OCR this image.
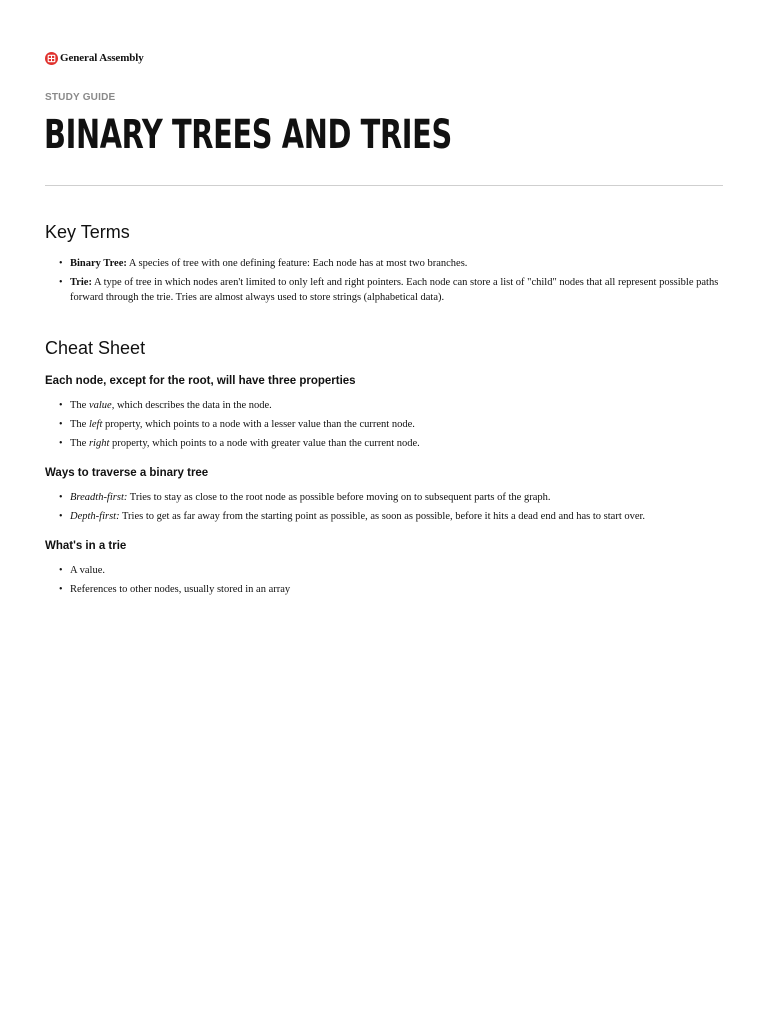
General Assembly
STUDY GUIDE
BINARY TREES AND TRIES
Key Terms
• Binary Tree: A species of tree with one defining feature: Each node has at most two branches.
• Trie: A type of tree in which nodes aren't limited to only left and right pointers. Each node can store a list of "child" nodes that all represent possible paths forward through the trie. Tries are almost always used to store strings (alphabetical data).
Cheat Sheet
Each node, except for the root, will have three properties
• The value, which describes the data in the node.
• The left property, which points to a node with a lesser value than the current node.
• The right property, which points to a node with greater value than the current node.
Ways to traverse a binary tree
• Breadth-first: Tries to stay as close to the root node as possible before moving on to subsequent parts of the graph.
• Depth-first: Tries to get as far away from the starting point as possible, as soon as possible, before it hits a dead end and has to start over.
What's in a trie
• A value.
• References to other nodes, usually stored in an array
